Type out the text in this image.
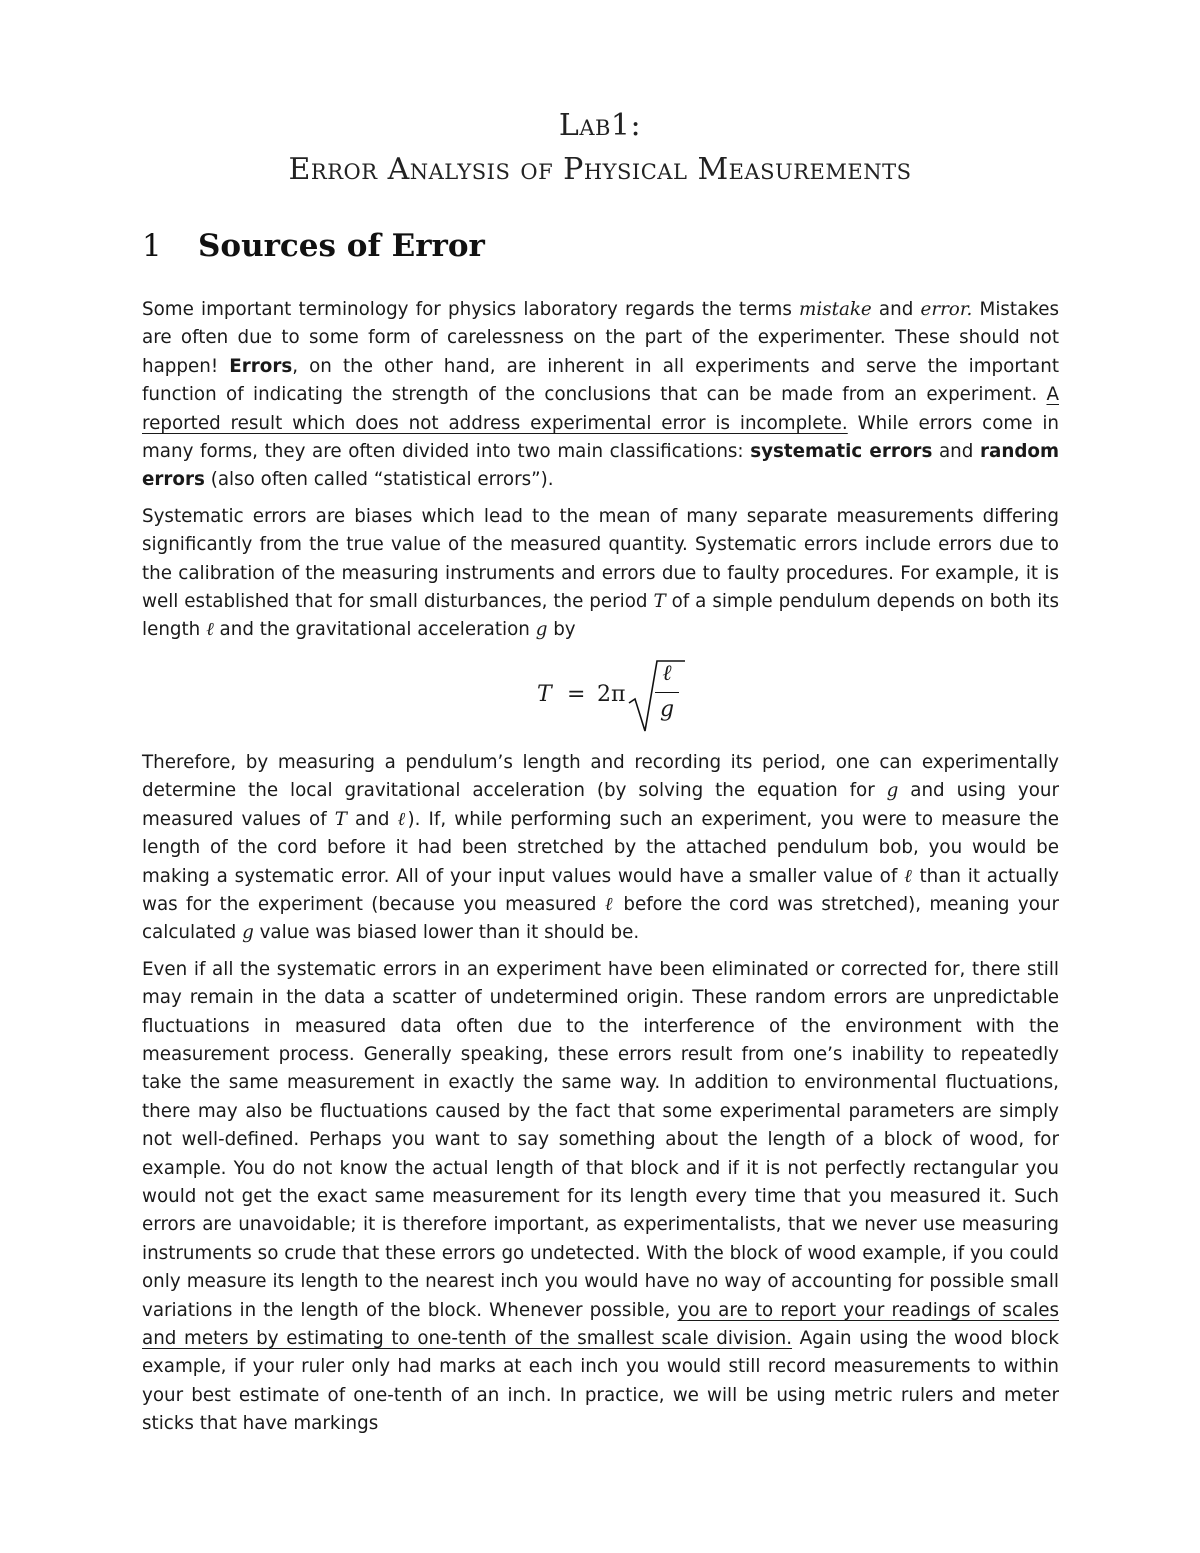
Lab1:
Error Analysis of Physical Measurements
1 Sources of Error

Some important terminology for physics laboratory regards the terms mistake and error. Mistakes are often due to some form of carelessness on the part of the experimenter. These should not happen! Errors, on the other hand, are inherent in all experiments and serve the important function of indicating the strength of the conclusions that can be made from an experiment. A reported result which does not address experimental error is incomplete. While errors come in many forms, they are often divided into two main classifications: systematic errors and random errors (also often called “statistical errors”).

Systematic errors are biases which lead to the mean of many separate measurements differing significantly from the true value of the measured quantity. Systematic errors include errors due to the calibration of the measuring instruments and errors due to faulty procedures. For example, it is well established that for small disturbances, the period T of a simple pendulum depends on both its length ℓ and the gravitational acceleration g by

T = 2π
ℓ
g

Therefore, by measuring a pendulum’s length and recording its period, one can experimentally determine the local gravitational acceleration (by solving the equation for g and using your measured values of T and ℓ). If, while performing such an experiment, you were to measure the length of the cord before it had been stretched by the attached pendulum bob, you would be making a systematic error. All of your input values would have a smaller value of ℓ than it actually was for the experiment (because you measured ℓ before the cord was stretched), meaning your calculated g value was biased lower than it should be.

Even if all the systematic errors in an experiment have been eliminated or corrected for, there still may remain in the data a scatter of undetermined origin. These random errors are unpredictable fluctuations in measured data often due to the interference of the environment with the measurement process. Generally speaking, these errors result from one’s inability to repeatedly take the same measurement in exactly the same way. In addition to environmental fluctuations, there may also be fluctuations caused by the fact that some experimental parameters are simply not well-defined. Perhaps you want to say something about the length of a block of wood, for example. You do not know the actual length of that block and if it is not perfectly rectangular you would not get the exact same measurement for its length every time that you measured it. Such errors are unavoidable; it is therefore important, as experimentalists, that we never use measuring instruments so crude that these errors go undetected. With the block of wood example, if you could only measure its length to the nearest inch you would have no way of accounting for possible small variations in the length of the block. Whenever possible, you are to report your readings of scales and meters by estimating to one-tenth of the smallest scale division. Again using the wood block example, if your ruler only had marks at each inch you would still record measurements to within your best estimate of one-tenth of an inch. In practice, we will be using metric rulers and meter sticks that have markings
